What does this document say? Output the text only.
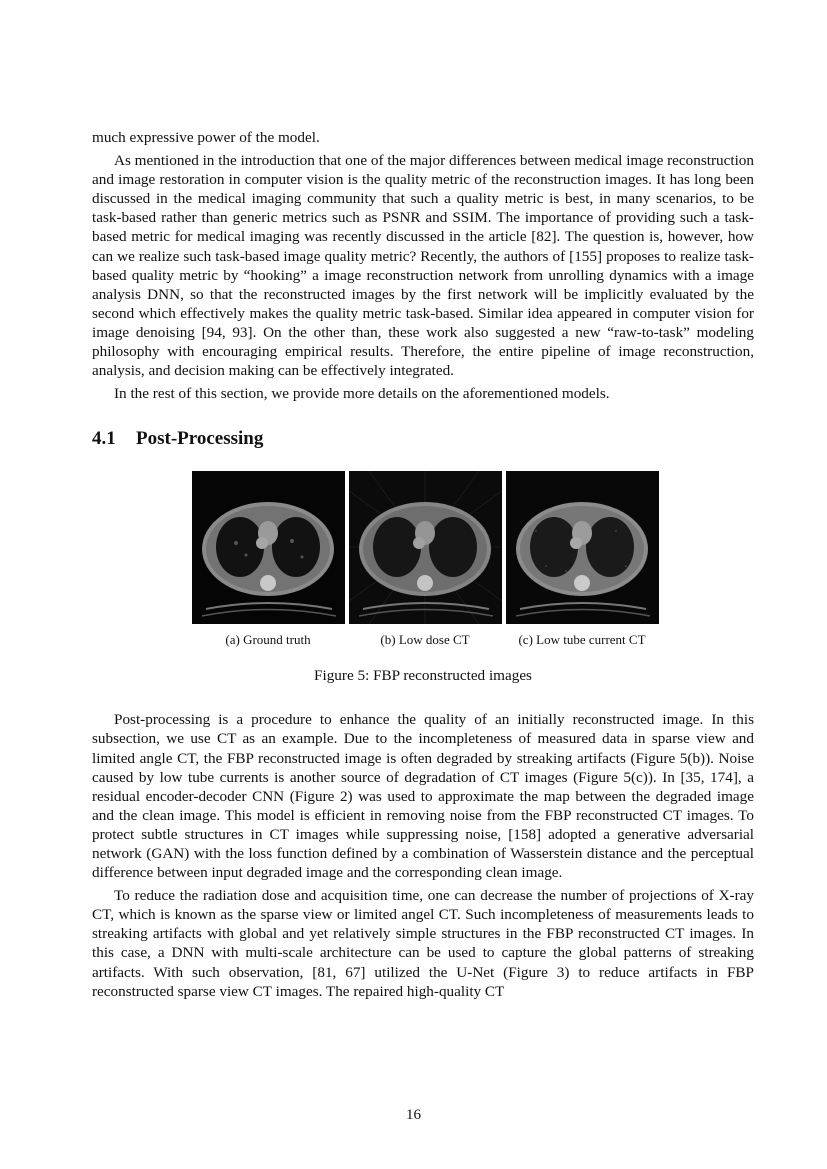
much expressive power of the model.

As mentioned in the introduction that one of the major differences between medical image reconstruction and image restoration in computer vision is the quality metric of the reconstruction images. It has long been discussed in the medical imaging community that such a quality metric is best, in many scenarios, to be task-based rather than generic metrics such as PSNR and SSIM. The importance of providing such a task-based metric for medical imaging was recently discussed in the article [82]. The question is, however, how can we realize such task-based image quality metric? Recently, the authors of [155] proposes to realize task-based quality metric by “hooking” a image reconstruction network from unrolling dynamics with a image analysis DNN, so that the reconstructed images by the first network will be implicitly evaluated by the second which effectively makes the quality metric task-based. Similar idea appeared in computer vision for image denoising [94, 93]. On the other than, these work also suggested a new “raw-to-task” modeling philosophy with encouraging empirical results. Therefore, the entire pipeline of image reconstruction, analysis, and decision making can be effectively integrated.

In the rest of this section, we provide more details on the aforementioned models.

4.1 Post-Processing
(a) Ground truth	(b) Low dose CT	(c) Low tube current CT
Figure 5: FBP reconstructed images

Post-processing is a procedure to enhance the quality of an initially reconstructed image. In this subsection, we use CT as an example. Due to the incompleteness of measured data in sparse view and limited angle CT, the FBP reconstructed image is often degraded by streaking artifacts (Figure 5(b)). Noise caused by low tube currents is another source of degradation of CT images (Figure 5(c)). In [35, 174], a residual encoder-decoder CNN (Figure 2) was used to approximate the map between the degraded image and the clean image. This model is efficient in removing noise from the FBP reconstructed CT images. To protect subtle structures in CT images while suppressing noise, [158] adopted a generative adversarial network (GAN) with the loss function defined by a combination of Wasserstein distance and the perceptual difference between input degraded image and the corresponding clean image.

To reduce the radiation dose and acquisition time, one can decrease the number of projections of X-ray CT, which is known as the sparse view or limited angel CT. Such incompleteness of measurements leads to streaking artifacts with global and yet relatively simple structures in the FBP reconstructed CT images. In this case, a DNN with multi-scale architecture can be used to capture the global patterns of streaking artifacts. With such observation, [81, 67] utilized the U-Net (Figure 3) to reduce artifacts in FBP reconstructed sparse view CT images. The repaired high-quality CT

16
